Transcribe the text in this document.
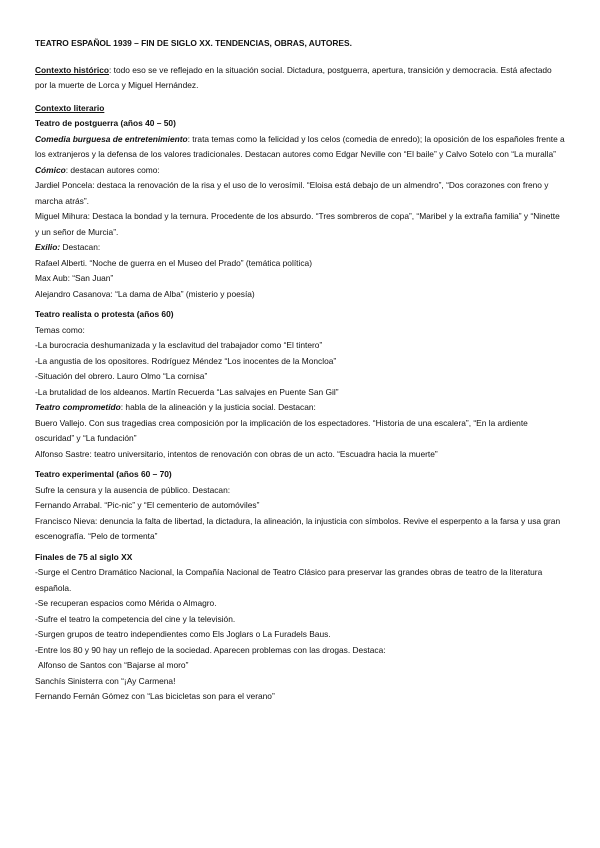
TEATRO ESPAÑOL 1939 – FIN DE SIGLO XX. TENDENCIAS, OBRAS, AUTORES.

Contexto histórico: todo eso se ve reflejado en la situación social. Dictadura, postguerra, apertura, transición y democracia. Está afectado por la muerte de Lorca y Miguel Hernández.

Contexto literario

Teatro de postguerra (años 40 – 50)

Comedia burguesa de entretenimiento: trata temas como la felicidad y los celos (comedia de enredo); la oposición de los españoles frente a los extranjeros y la defensa de los valores tradicionales. Destacan autores como Edgar Neville con “El baile” y Calvo Sotelo con “La muralla”

Cómico: destacan autores como:

Jardiel Poncela: destaca la renovación de la risa y el uso de lo verosímil. “Eloisa está debajo de un almendro”, “Dos corazones con freno y marcha atrás”.

Miguel Mihura: Destaca la bondad y la ternura. Procedente de los absurdo. “Tres sombreros de copa”, “Maribel y la extraña familia” y “Ninette y un señor de Murcia”.

Exilio: Destacan:

Rafael Alberti. “Noche de guerra en el Museo del Prado” (temática política)

Max Aub: “San Juan”

Alejandro Casanova: “La dama de Alba” (misterio y poesía)

Teatro realista o protesta (años 60)

Temas como:

-La burocracia deshumanizada y la esclavitud del trabajador como “El tintero”

-La angustia de los opositores. Rodríguez Méndez “Los inocentes de la Moncloa”

-Situación del obrero. Lauro Olmo “La cornisa”

-La brutalidad de los aldeanos. Martín Recuerda “Las salvajes en Puente San Gil”

Teatro comprometido: habla de la alineación y la justicia social. Destacan:

Buero Vallejo. Con sus tragedias crea composición por la implicación de los espectadores. “Historia de una escalera”, “En la ardiente oscuridad” y “La fundación”

Alfonso Sastre: teatro universitario, intentos de renovación con obras de un acto. “Escuadra hacia la muerte”

Teatro experimental (años 60 – 70)

Sufre la censura y la ausencia de público. Destacan:

Fernando Arrabal. “Pic-nic” y “El cementerio de automóviles”

Francisco Nieva: denuncia la falta de libertad, la dictadura, la alineación, la injusticia con símbolos. Revive el esperpento a la farsa y usa gran escenografía. “Pelo de tormenta”

Finales de 75 al siglo XX

-Surge el Centro Dramático Nacional, la Compañía Nacional de Teatro Clásico para preservar las grandes obras de teatro de la literatura española.

-Se recuperan espacios como Mérida o Almagro.

-Sufre el teatro la competencia del cine y la televisión.

-Surgen grupos de teatro independientes como Els Joglars o La Furadels Baus.

-Entre los 80 y 90 hay un reflejo de la sociedad. Aparecen problemas con las drogas. Destaca:

Alfonso de Santos con “Bajarse al moro”

Sanchís Sinisterra con “¡Ay Carmena!

Fernando Fernán Gómez con “Las bicicletas son para el verano”
